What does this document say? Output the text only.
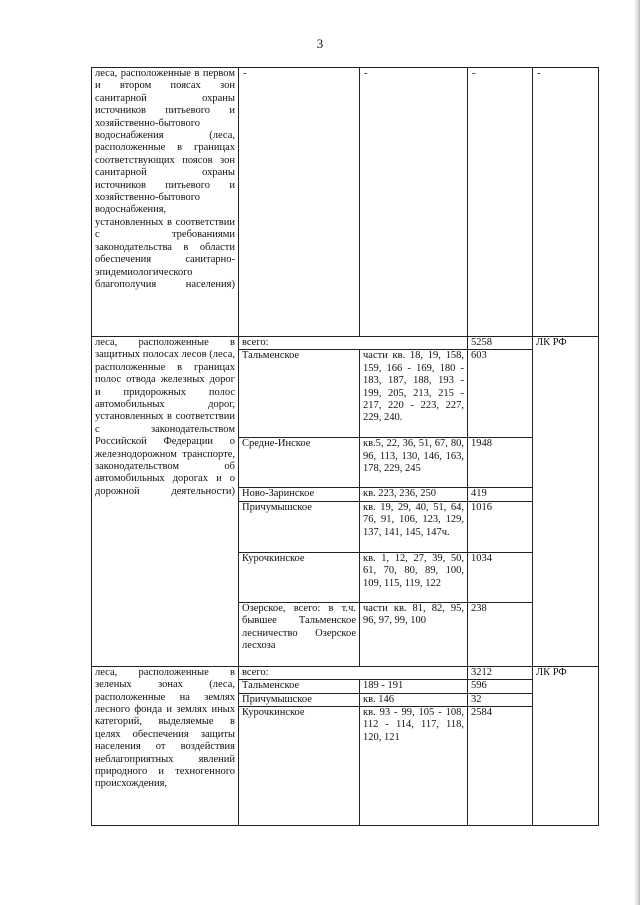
3
леса, расположенные в первом и втором поясах зон санитарной охраны источников питьевого и хозяйственно-бытового водоснабжения (леса, расположенные в границах соответствующих поясов зон санитарной охраны источников питьевого и хозяйственно-бытового водоснабжения, установленных в соответствии с требованиями законодательства в области обеспечения санитарно-эпидемиологического благополучия населения)	-	-	-	-
леса, расположенные в защитных полосах лесов (леса, расположенные в границах полос отвода железных дорог и придорожных полос автомобильных дорог, установленных в соответствии с законодательством Российской Федерации о железнодорожном транспорте, законодательством об автомобильных дорогах и о дорожной деятельности)	всего:		5258	ЛК РФ
	Тальменское	части кв. 18, 19, 158, 159, 166 - 169, 180 - 183, 187, 188, 193 - 199, 205, 213, 215 - 217, 220 - 223, 227, 229, 240.	603	
	Средне-Инское	кв.5, 22, 36, 51, 67, 80, 96, 113, 130, 146, 163, 178, 229, 245	1948	
	Ново-Заринское	кв. 223, 236, 250	419	
	Причумышское	кв. 19, 29, 40, 51, 64, 76, 91, 106, 123, 129, 137, 141, 145, 147ч.	1016	
	Курочкинское	кв. 1, 12, 27, 39, 50, 61, 70, 80, 89, 100, 109, 115, 119, 122	1034	
	Озерское, всего: в т.ч. бывшее Тальменское лесничество Озерское лесхоза	части кв. 81, 82, 95, 96, 97, 99, 100	238	
леса, расположенные в зеленых зонах (леса, расположенные на землях лесного фонда и землях иных категорий, выделяемые в целях обеспечения защиты населения от воздействия неблагоприятных явлений природного и техногенного происхождения,	всего:		3212	ЛК РФ
	Тальменское	189 - 191	596	
	Причумышское	кв. 146	32	
	Курочкинское	кв. 93 - 99, 105 - 108, 112 - 114, 117, 118, 120, 121	2584	
